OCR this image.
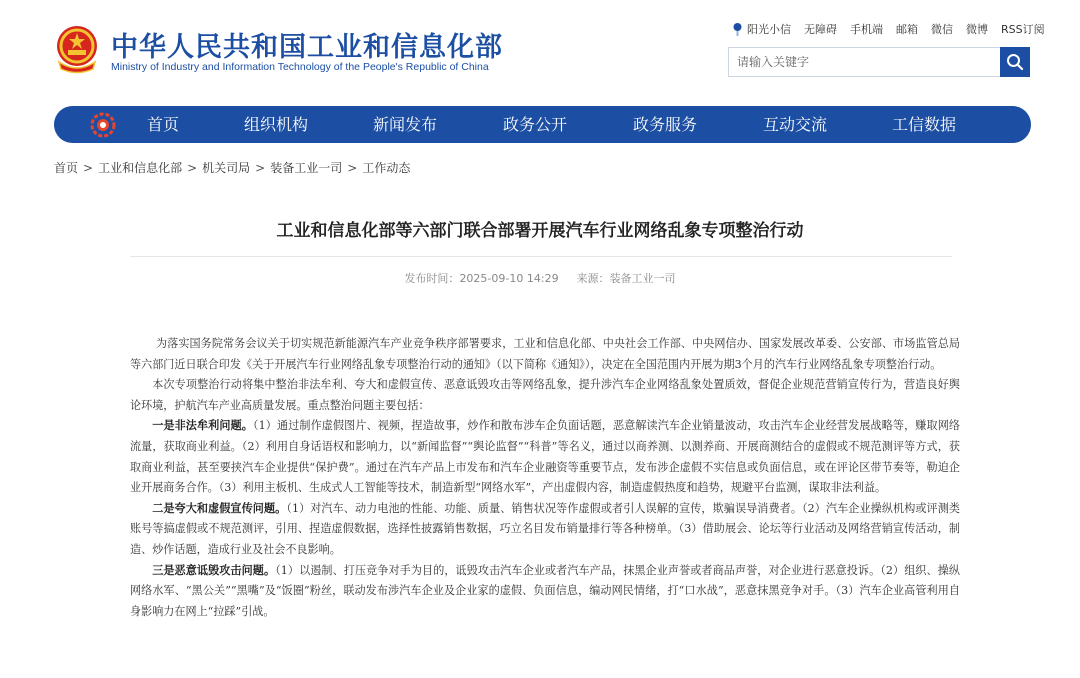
中华人民共和国工业和信息化部
Ministry of Industry and Information Technology of the People's Republic of China
阳光小信 无障碍 手机端 邮箱 微信 微博 RSS订阅
请输入关键字
首页	组织机构	新闻发布	政务公开	政务服务	互动交流	工信数据
首页 > 工业和信息化部 > 机关司局 > 装备工业一司 > 工作动态
工业和信息化部等六部门联合部署开展汽车行业网络乱象专项整治行动
发布时间：2025-09-10 14:29 来源：装备工业一司

为落实国务院常务会议关于切实规范新能源汽车产业竞争秩序部署要求，工业和信息化部、中央社会工作部、中央网信办、国家发展改革委、公安部、市场监管总局等六部门近日联合印发《关于开展汽车行业网络乱象专项整治行动的通知》（以下简称《通知》），决定在全国范围内开展为期3个月的汽车行业网络乱象专项整治行动。

本次专项整治行动将集中整治非法牟利、夸大和虚假宣传、恶意诋毁攻击等网络乱象，提升涉汽车企业网络乱象处置质效，督促企业规范营销宣传行为，营造良好舆论环境，护航汽车产业高质量发展。重点整治问题主要包括：

一是非法牟利问题。（1）通过制作虚假图片、视频，捏造故事，炒作和散布涉车企负面话题，恶意解读汽车企业销量波动，攻击汽车企业经营发展战略等，赚取网络流量，获取商业利益。（2）利用自身话语权和影响力，以“新闻监督”“舆论监督”“科普”等名义，通过以商养测、以测养商、开展商测结合的虚假或不规范测评等方式，获取商业利益，甚至要挟汽车企业提供“保护费”。通过在汽车产品上市发布和汽车企业融资等重要节点，发布涉企虚假不实信息或负面信息，或在评论区带节奏等，勒迫企业开展商务合作。（3）利用主板机、生成式人工智能等技术，制造新型“网络水军”，产出虚假内容，制造虚假热度和趋势，规避平台监测，谋取非法利益。

二是夸大和虚假宣传问题。（1）对汽车、动力电池的性能、功能、质量、销售状况等作虚假或者引人误解的宣传，欺骗误导消费者。（2）汽车企业操纵机构或评测类账号等搞虚假或不规范测评，引用、捏造虚假数据，选择性披露销售数据，巧立名目发布销量排行等各种榜单。（3）借助展会、论坛等行业活动及网络营销宣传活动，制造、炒作话题，造成行业及社会不良影响。

三是恶意诋毁攻击问题。（1）以遏制、打压竞争对手为目的，诋毁攻击汽车企业或者汽车产品，抹黑企业声誉或者商品声誉，对企业进行恶意投诉。（2）组织、操纵网络水军、“黑公关”“黑嘴”及“饭圈”粉丝，联动发布涉汽车企业及企业家的虚假、负面信息，编动网民情绪，打“口水战”，恶意抹黑竞争对手。（3）汽车企业高管利用自身影响力在网上“拉踩”引战。
